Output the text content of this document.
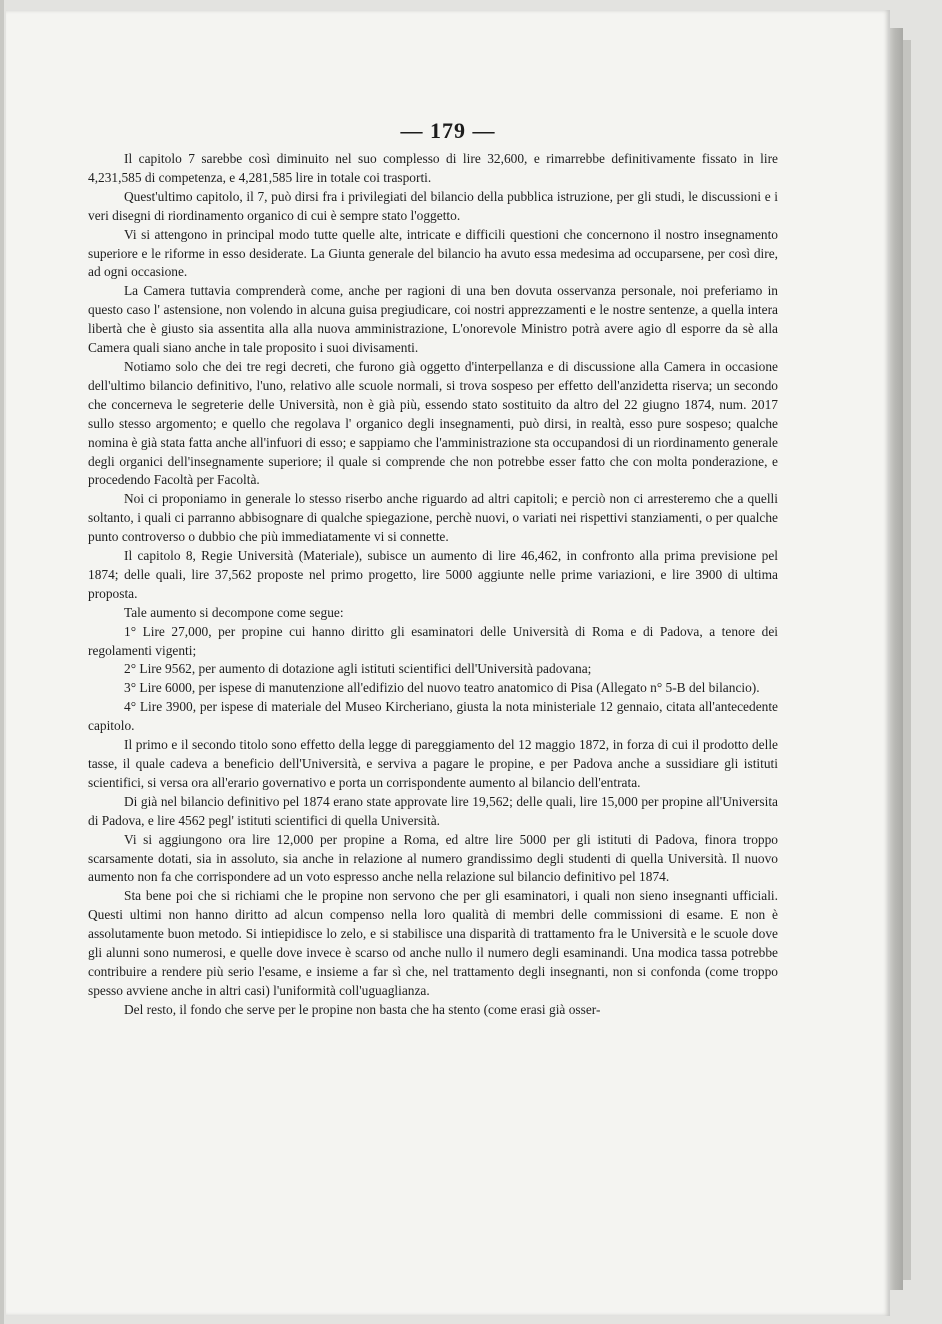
— 179 —

Il capitolo 7 sarebbe così diminuito nel suo complesso di lire 32,600, e rimarrebbe definitivamente fissato in lire 4,231,585 di competenza, e 4,281,585 lire in totale coi trasporti.

Quest'ultimo capitolo, il 7, può dirsi fra i privilegiati del bilancio della pubblica istruzione, per gli studi, le discussioni e i veri disegni di riordinamento organico di cui è sempre stato l'oggetto.

Vi si attengono in principal modo tutte quelle alte, intricate e difficili questioni che concernono il nostro insegnamento superiore e le riforme in esso desiderate. La Giunta generale del bilancio ha avuto essa medesima ad occuparsene, per così dire, ad ogni occasione.

La Camera tuttavia comprenderà come, anche per ragioni di una ben dovuta osservanza personale, noi preferiamo in questo caso l' astensione, non volendo in alcuna guisa pregiudicare, coi nostri apprezzamenti e le nostre sentenze, a quella intera libertà che è giusto sia assentita alla alla nuova amministrazione, L'onorevole Ministro potrà avere agio dl esporre da sè alla Camera quali siano anche in tale proposito i suoi divisamenti.

Notiamo solo che dei tre regi decreti, che furono già oggetto d'interpellanza e di discussione alla Camera in occasione dell'ultimo bilancio definitivo, l'uno, relativo alle scuole normali, si trova sospeso per effetto dell'anzidetta riserva; un secondo che concerneva le segreterie delle Università, non è già più, essendo stato sostituito da altro del 22 giugno 1874, num. 2017 sullo stesso argomento; e quello che regolava l' organico degli insegnamenti, può dirsi, in realtà, esso pure sospeso; qualche nomina è già stata fatta anche all'infuori di esso; e sappiamo che l'amministrazione sta occupandosi di un riordinamento generale degli organici dell'insegnamente superiore; il quale si comprende che non potrebbe esser fatto che con molta ponderazione, e procedendo Facoltà per Facoltà.

Noi ci proponiamo in generale lo stesso riserbo anche riguardo ad altri capitoli; e perciò non ci arresteremo che a quelli soltanto, i quali ci parranno abbisognare di qualche spiegazione, perchè nuovi, o variati nei rispettivi stanziamenti, o per qualche punto controverso o dubbio che più immediatamente vi si connette.

Il capitolo 8, Regie Università (Materiale), subisce un aumento di lire 46,462, in confronto alla prima previsione pel 1874; delle quali, lire 37,562 proposte nel primo progetto, lire 5000 aggiunte nelle prime variazioni, e lire 3900 di ultima proposta.

Tale aumento si decompone come segue:

1° Lire 27,000, per propine cui hanno diritto gli esaminatori delle Università di Roma e di Padova, a tenore dei regolamenti vigenti;

2° Lire 9562, per aumento di dotazione agli istituti scientifici dell'Università padovana;

3° Lire 6000, per ispese di manutenzione all'edifizio del nuovo teatro anatomico di Pisa (Allegato n° 5-B del bilancio).

4° Lire 3900, per ispese di materiale del Museo Kircheriano, giusta la nota ministeriale 12 gennaio, citata all'antecedente capitolo.

Il primo e il secondo titolo sono effetto della legge di pareggiamento del 12 maggio 1872, in forza di cui il prodotto delle tasse, il quale cadeva a beneficio dell'Università, e serviva a pagare le propine, e per Padova anche a sussidiare gli istituti scientifici, si versa ora all'erario governativo e porta un corrispondente aumento al bilancio dell'entrata.

Di già nel bilancio definitivo pel 1874 erano state approvate lire 19,562; delle quali, lire 15,000 per propine all'Universita di Padova, e lire 4562 pegl' istituti scientifici di quella Università.

Vi si aggiungono ora lire 12,000 per propine a Roma, ed altre lire 5000 per gli istituti di Padova, finora troppo scarsamente dotati, sia in assoluto, sia anche in relazione al numero grandissimo degli studenti di quella Università. Il nuovo aumento non fa che corrispondere ad un voto espresso anche nella relazione sul bilancio definitivo pel 1874.

Sta bene poi che si richiami che le propine non servono che per gli esaminatori, i quali non sieno insegnanti ufficiali. Questi ultimi non hanno diritto ad alcun compenso nella loro qualità di membri delle commissioni di esame. E non è assolutamente buon metodo. Si intiepidisce lo zelo, e si stabilisce una disparità di trattamento fra le Università e le scuole dove gli alunni sono numerosi, e quelle dove invece è scarso od anche nullo il numero degli esaminandi. Una modica tassa potrebbe contribuire a rendere più serio l'esame, e insieme a far sì che, nel trattamento degli insegnanti, non si confonda (come troppo spesso avviene anche in altri casi) l'uniformità coll'uguaglianza.

Del resto, il fondo che serve per le propine non basta che ha stento (come erasi già osser-
